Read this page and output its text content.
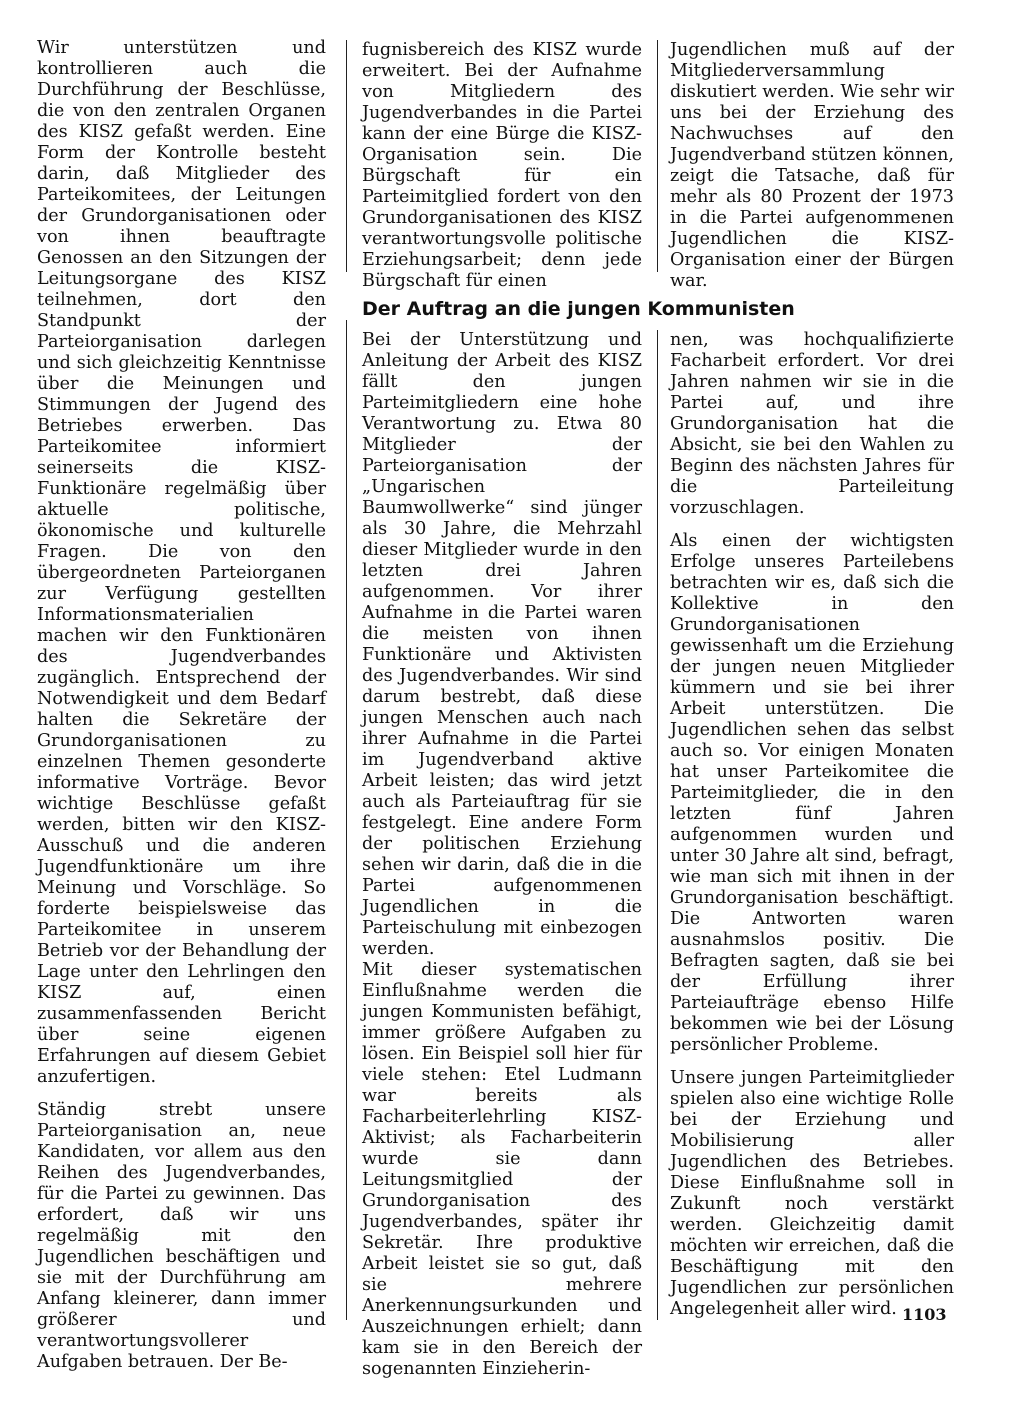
Wir unterstützen und kontrollieren auch die Durchführung der Beschlüsse, die von den zentralen Organen des KISZ gefaßt werden. Eine Form der Kontrolle besteht darin, daß Mitglieder des Parteikomitees, der Leitungen der Grundorganisationen oder von ihnen beauftragte Genossen an den Sitzungen der Leitungsorgane des KISZ teilnehmen, dort den Standpunkt der Parteiorganisation darlegen und sich gleichzeitig Kenntnisse über die Meinungen und Stimmungen der Jugend des Betriebes erwerben. Das Parteikomitee informiert seinerseits die KISZ-Funktionäre regelmäßig über aktuelle politische, ökonomische und kulturelle Fragen. Die von den übergeordneten Parteiorganen zur Verfügung gestellten Informationsmaterialien machen wir den Funktionären des Jugendverbandes zugänglich. Entsprechend der Notwendigkeit und dem Bedarf halten die Sekretäre der Grundorganisationen zu einzelnen Themen gesonderte informative Vorträge. Bevor wichtige Beschlüsse gefaßt werden, bitten wir den KISZ-Ausschuß und die anderen Jugendfunktionäre um ihre Meinung und Vorschläge. So forderte beispielsweise das Parteikomitee in unserem Betrieb vor der Behandlung der Lage unter den Lehrlingen den KISZ auf, einen zusammenfassenden Bericht über seine eigenen Erfahrungen auf diesem Gebiet anzufertigen.

Ständig strebt unsere Parteiorganisation an, neue Kandidaten, vor allem aus den Reihen des Jugendverbandes, für die Partei zu gewinnen. Das erfordert, daß wir uns regelmäßig mit den Jugendlichen beschäftigen und sie mit der Durchführung am Anfang kleinerer, dann immer größerer und verantwortungsvollerer Aufgaben betrauen. Der Be-

fugnisbereich des KISZ wurde erweitert. Bei der Aufnahme von Mitgliedern des Jugendverbandes in die Partei kann der eine Bürge die KISZ-Organisation sein. Die Bürgschaft für ein Parteimitglied fordert von den Grundorganisationen des KISZ verantwortungsvolle politische Erziehungsarbeit; denn jede Bürgschaft für einen

Jugendlichen muß auf der Mitgliederversammlung diskutiert werden. Wie sehr wir uns bei der Erziehung des Nachwuchses auf den Jugendverband stützen können, zeigt die Tatsache, daß für mehr als 80 Prozent der 1973 in die Partei aufgenommenen Jugendlichen die KISZ-Organisation einer der Bürgen war.

Der Auftrag an die jungen Kommunisten

Bei der Unterstützung und Anleitung der Arbeit des KISZ fällt den jungen Parteimitgliedern eine hohe Verantwortung zu. Etwa 80 Mitglieder der Parteiorganisation der „Ungarischen Baumwollwerke“ sind jünger als 30 Jahre, die Mehrzahl dieser Mitglieder wurde in den letzten drei Jahren aufgenommen. Vor ihrer Aufnahme in die Partei waren die meisten von ihnen Funktionäre und Aktivisten des Jugendverbandes. Wir sind darum bestrebt, daß diese jungen Menschen auch nach ihrer Aufnahme in die Partei im Jugendverband aktive Arbeit leisten; das wird jetzt auch als Parteiauftrag für sie festgelegt. Eine andere Form der politischen Erziehung sehen wir darin, daß die in die Partei aufgenommenen Jugendlichen in die Parteischulung mit einbezogen werden.

Mit dieser systematischen Einflußnahme werden die jungen Kommunisten befähigt, immer größere Aufgaben zu lösen. Ein Beispiel soll hier für viele stehen: Etel Ludmann war bereits als Facharbeiterlehrling KISZ-Aktivist; als Facharbeiterin wurde sie dann Leitungsmitglied der Grundorganisation des Jugendverbandes, später ihr Sekretär. Ihre produktive Arbeit leistet sie so gut, daß sie mehrere Anerkennungsurkunden und Auszeichnungen erhielt; dann kam sie in den Bereich der sogenannten Einzieherin-

nen, was hochqualifizierte Facharbeit erfordert. Vor drei Jahren nahmen wir sie in die Partei auf, und ihre Grundorganisation hat die Absicht, sie bei den Wahlen zu Beginn des nächsten Jahres für die Parteileitung vorzuschlagen.

Als einen der wichtigsten Erfolge unseres Parteilebens betrachten wir es, daß sich die Kollektive in den Grundorganisationen gewissenhaft um die Erziehung der jungen neuen Mitglieder kümmern und sie bei ihrer Arbeit unterstützen. Die Jugendlichen sehen das selbst auch so. Vor einigen Monaten hat unser Parteikomitee die Parteimitglieder, die in den letzten fünf Jahren aufgenommen wurden und unter 30 Jahre alt sind, befragt, wie man sich mit ihnen in der Grundorganisation beschäftigt. Die Antworten waren ausnahmslos positiv. Die Befragten sagten, daß sie bei der Erfüllung ihrer Parteiaufträge ebenso Hilfe bekommen wie bei der Lösung persönlicher Probleme.

Unsere jungen Parteimitglieder spielen also eine wichtige Rolle bei der Erziehung und Mobilisierung aller Jugendlichen des Betriebes. Diese Einflußnahme soll in Zukunft noch verstärkt werden. Gleichzeitig damit möchten wir erreichen, daß die Beschäftigung mit den Jugendlichen zur persönlichen Angelegenheit aller wird. 1103
